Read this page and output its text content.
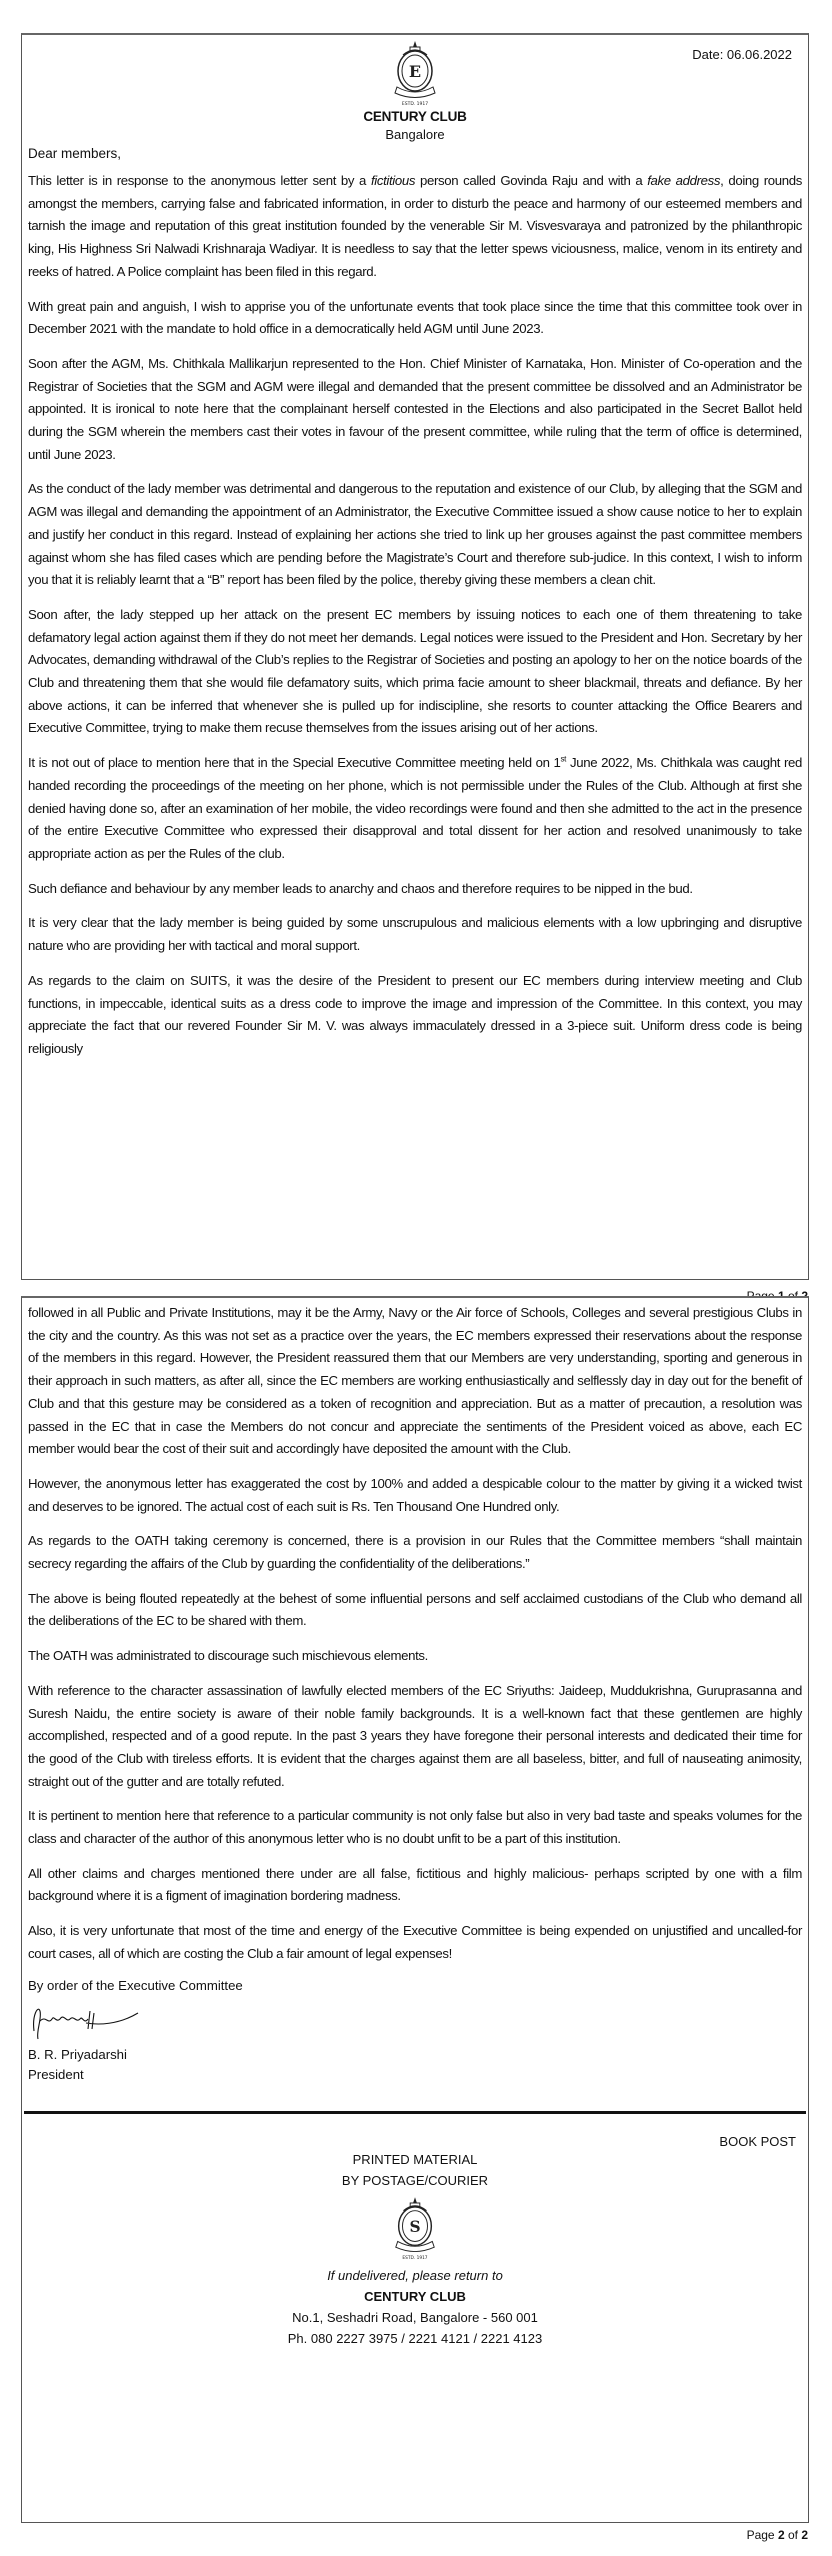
Date: 06.06.2022
E
ESTD. 1917
CENTURY CLUB
Bangalore
Dear members,

This letter is in response to the anonymous letter sent by a fictitious person called Govinda Raju and with a fake address, doing rounds amongst the members, carrying false and fabricated information, in order to disturb the peace and harmony of our esteemed members and tarnish the image and reputation of this great institution founded by the venerable Sir M. Visvesvaraya and patronized by the philanthropic king, His Highness Sri Nalwadi Krishnaraja Wadiyar. It is needless to say that the letter spews viciousness, malice, venom in its entirety and reeks of hatred. A Police complaint has been filed in this regard.

With great pain and anguish, I wish to apprise you of the unfortunate events that took place since the time that this committee took over in December 2021 with the mandate to hold office in a democratically held AGM until June 2023.

Soon after the AGM, Ms. Chithkala Mallikarjun represented to the Hon. Chief Minister of Karnataka, Hon. Minister of Co-operation and the Registrar of Societies that the SGM and AGM were illegal and demanded that the present committee be dissolved and an Administrator be appointed. It is ironical to note here that the complainant herself contested in the Elections and also participated in the Secret Ballot held during the SGM wherein the members cast their votes in favour of the present committee, while ruling that the term of office is determined, until June 2023.

As the conduct of the lady member was detrimental and dangerous to the reputation and existence of our Club, by alleging that the SGM and AGM was illegal and demanding the appointment of an Administrator, the Executive Committee issued a show cause notice to her to explain and justify her conduct in this regard. Instead of explaining her actions she tried to link up her grouses against the past committee members against whom she has filed cases which are pending before the Magistrate’s Court and therefore sub-judice. In this context, I wish to inform you that it is reliably learnt that a “B” report has been filed by the police, thereby giving these members a clean chit.

Soon after, the lady stepped up her attack on the present EC members by issuing notices to each one of them threatening to take defamatory legal action against them if they do not meet her demands. Legal notices were issued to the President and Hon. Secretary by her Advocates, demanding withdrawal of the Club’s replies to the Registrar of Societies and posting an apology to her on the notice boards of the Club and threatening them that she would file defamatory suits, which prima facie amount to sheer blackmail, threats and defiance. By her above actions, it can be inferred that whenever she is pulled up for indiscipline, she resorts to counter attacking the Office Bearers and Executive Committee, trying to make them recuse themselves from the issues arising out of her actions.

It is not out of place to mention here that in the Special Executive Committee meeting held on 1st June 2022, Ms. Chithkala was caught red handed recording the proceedings of the meeting on her phone, which is not permissible under the Rules of the Club. Although at first she denied having done so, after an examination of her mobile, the video recordings were found and then she admitted to the act in the presence of the entire Executive Committee who expressed their disapproval and total dissent for her action and resolved unanimously to take appropriate action as per the Rules of the club.

Such defiance and behaviour by any member leads to anarchy and chaos and therefore requires to be nipped in the bud.

It is very clear that the lady member is being guided by some unscrupulous and malicious elements with a low upbringing and disruptive nature who are providing her with tactical and moral support.

As regards to the claim on SUITS, it was the desire of the President to present our EC members during interview meeting and Club functions, in impeccable, identical suits as a dress code to improve the image and impression of the Committee. In this context, you may appreciate the fact that our revered Founder Sir M. V. was always immaculately dressed in a 3-piece suit. Uniform dress code is being religiously

followed in all Public and Private Institutions, may it be the Army, Navy or the Air force of Schools, Colleges and several prestigious Clubs in the city and the country. As this was not set as a practice over the years, the EC members expressed their reservations about the response of the members in this regard. However, the President reassured them that our Members are very understanding, sporting and generous in their approach in such matters, as after all, since the EC members are working enthusiastically and selflessly day in day out for the benefit of Club and that this gesture may be considered as a token of recognition and appreciation. But as a matter of precaution, a resolution was passed in the EC that in case the Members do not concur and appreciate the sentiments of the President voiced as above, each EC member would bear the cost of their suit and accordingly have deposited the amount with the Club.

However, the anonymous letter has exaggerated the cost by 100% and added a despicable colour to the matter by giving it a wicked twist and deserves to be ignored. The actual cost of each suit is Rs. Ten Thousand One Hundred only.

As regards to the OATH taking ceremony is concerned, there is a provision in our Rules that the Committee members “shall maintain secrecy regarding the affairs of the Club by guarding the confidentiality of the deliberations.”

The above is being flouted repeatedly at the behest of some influential persons and self acclaimed custodians of the Club who demand all the deliberations of the EC to be shared with them.

The OATH was administrated to discourage such mischievous elements.

With reference to the character assassination of lawfully elected members of the EC Sriyuths: Jaideep, Muddukrishna, Guruprasanna and Suresh Naidu, the entire society is aware of their noble family backgrounds. It is a well-known fact that these gentlemen are highly accomplished, respected and of a good repute. In the past 3 years they have foregone their personal interests and dedicated their time for the good of the Club with tireless efforts. It is evident that the charges against them are all baseless, bitter, and full of nauseating animosity, straight out of the gutter and are totally refuted.

It is pertinent to mention here that reference to a particular community is not only false but also in very bad taste and speaks volumes for the class and character of the author of this anonymous letter who is no doubt unfit to be a part of this institution.

All other claims and charges mentioned there under are all false, fictitious and highly malicious- perhaps scripted by one with a film background where it is a figment of imagination bordering madness.

Also, it is very unfortunate that most of the time and energy of the Executive Committee is being expended on unjustified and uncalled-for court cases, all of which are costing the Club a fair amount of legal expenses!

By order of the Executive Committee
B. R. Priyadarshi
President
BOOK POST
PRINTED MATERIAL
BY POSTAGE/COURIER
S
ESTD. 1917
If undelivered, please return to
CENTURY CLUB
No.1, Seshadri Road, Bangalore - 560 001
Ph. 080 2227 3975 / 2221 4121 / 2221 4123
Page 2 of 2
